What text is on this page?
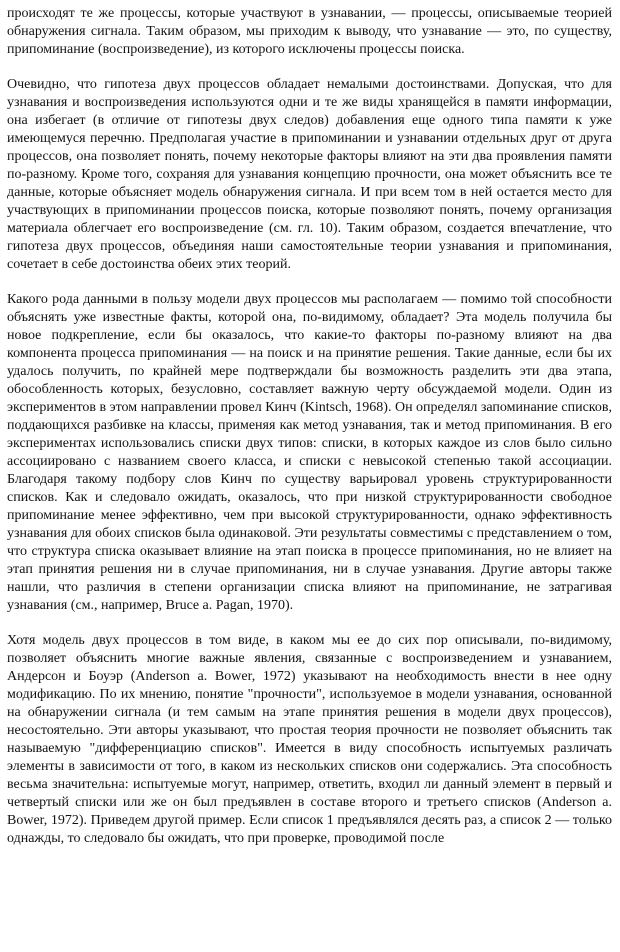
происходят те же процессы, которые участвуют в узнавании, — процессы, описываемые теорией обнаружения сигнала. Таким образом, мы приходим к выводу, что узнавание — это, по существу, припоминание (воспроизведение), из которого исключены процессы поиска.

Очевидно, что гипотеза двух процессов обладает немалыми достоинствами. Допуская, что для узнавания и воспроизведения используются одни и те же виды хранящейся в памяти информации, она избегает (в отличие от гипотезы двух следов) добавления еще одного типа памяти к уже имеющемуся перечню. Предполагая участие в припоминании и узнавании отдельных друг от друга процессов, она позволяет понять, почему некоторые факторы влияют на эти два проявления памяти по-разному. Кроме того, сохраняя для узнавания концепцию прочности, она может объяснить все те данные, которые объясняет модель обнаружения сигнала. И при всем том в ней остается место для участвующих в припоминании процессов поиска, которые позволяют понять, почему организация материала облегчает его воспроизведение (см. гл. 10). Таким образом, создается впечатление, что гипотеза двух процессов, объединяя наши самостоятельные теории узнавания и припоминания, сочетает в себе достоинства обеих этих теорий.

Какого рода данными в пользу модели двух процессов мы располагаем — помимо той способности объяснять уже известные факты, которой она, по-видимому, обладает? Эта модель получила бы новое подкрепление, если бы оказалось, что какие-то факторы по-разному влияют на два компонента процесса припоминания — на поиск и на принятие решения. Такие данные, если бы их удалось получить, по крайней мере подтверждали бы возможность разделить эти два этапа, обособленность которых, безусловно, составляет важную черту обсуждаемой модели. Один из экспериментов в этом направлении провел Кинч (Kintsch, 1968). Он определял запоминание списков, поддающихся разбивке на классы, применяя как метод узнавания, так и метод припоминания. В его экспериментах использовались списки двух типов: списки, в которых каждое из слов было сильно ассоциировано с названием своего класса, и списки с невысокой степенью такой ассоциации. Благодаря такому подбору слов Кинч по существу варьировал уровень структурированности списков. Как и следовало ожидать, оказалось, что при низкой структурированности свободное припоминание менее эффективно, чем при высокой структурированности, однако эффективность узнавания для обоих списков была одинаковой. Эти результаты совместимы с представлением о том, что структура списка оказывает влияние на этап поиска в процессе припоминания, но не влияет на этап принятия решения ни в случае припоминания, ни в случае узнавания. Другие авторы также нашли, что различия в степени организации списка влияют на припоминание, не затрагивая узнавания (см., например, Bruce a. Pagan, 1970).

Хотя модель двух процессов в том виде, в каком мы ее до сих пор описывали, по-видимому, позволяет объяснить многие важные явления, связанные с воспроизведением и узнаванием, Андерсон и Боуэр (Anderson a. Bower, 1972) указывают на необходимость внести в нее одну модификацию. По их мнению, понятие "прочности", используемое в модели узнавания, основанной на обнаружении сигнала (и тем самым на этапе принятия решения в модели двух процессов), несостоятельно. Эти авторы указывают, что простая теория прочности не позволяет объяснить так называемую "дифференциацию списков". Имеется в виду способность испытуемых различать элементы в зависимости от того, в каком из нескольких списков они содержались. Эта способность весьма значительна: испытуемые могут, например, ответить, входил ли данный элемент в первый и четвертый списки или же он был предъявлен в составе второго и третьего списков (Anderson a. Bower, 1972). Приведем другой пример. Если список 1 предъявлялся десять раз, а список 2 — только однажды, то следовало бы ожидать, что при проверке, проводимой после
